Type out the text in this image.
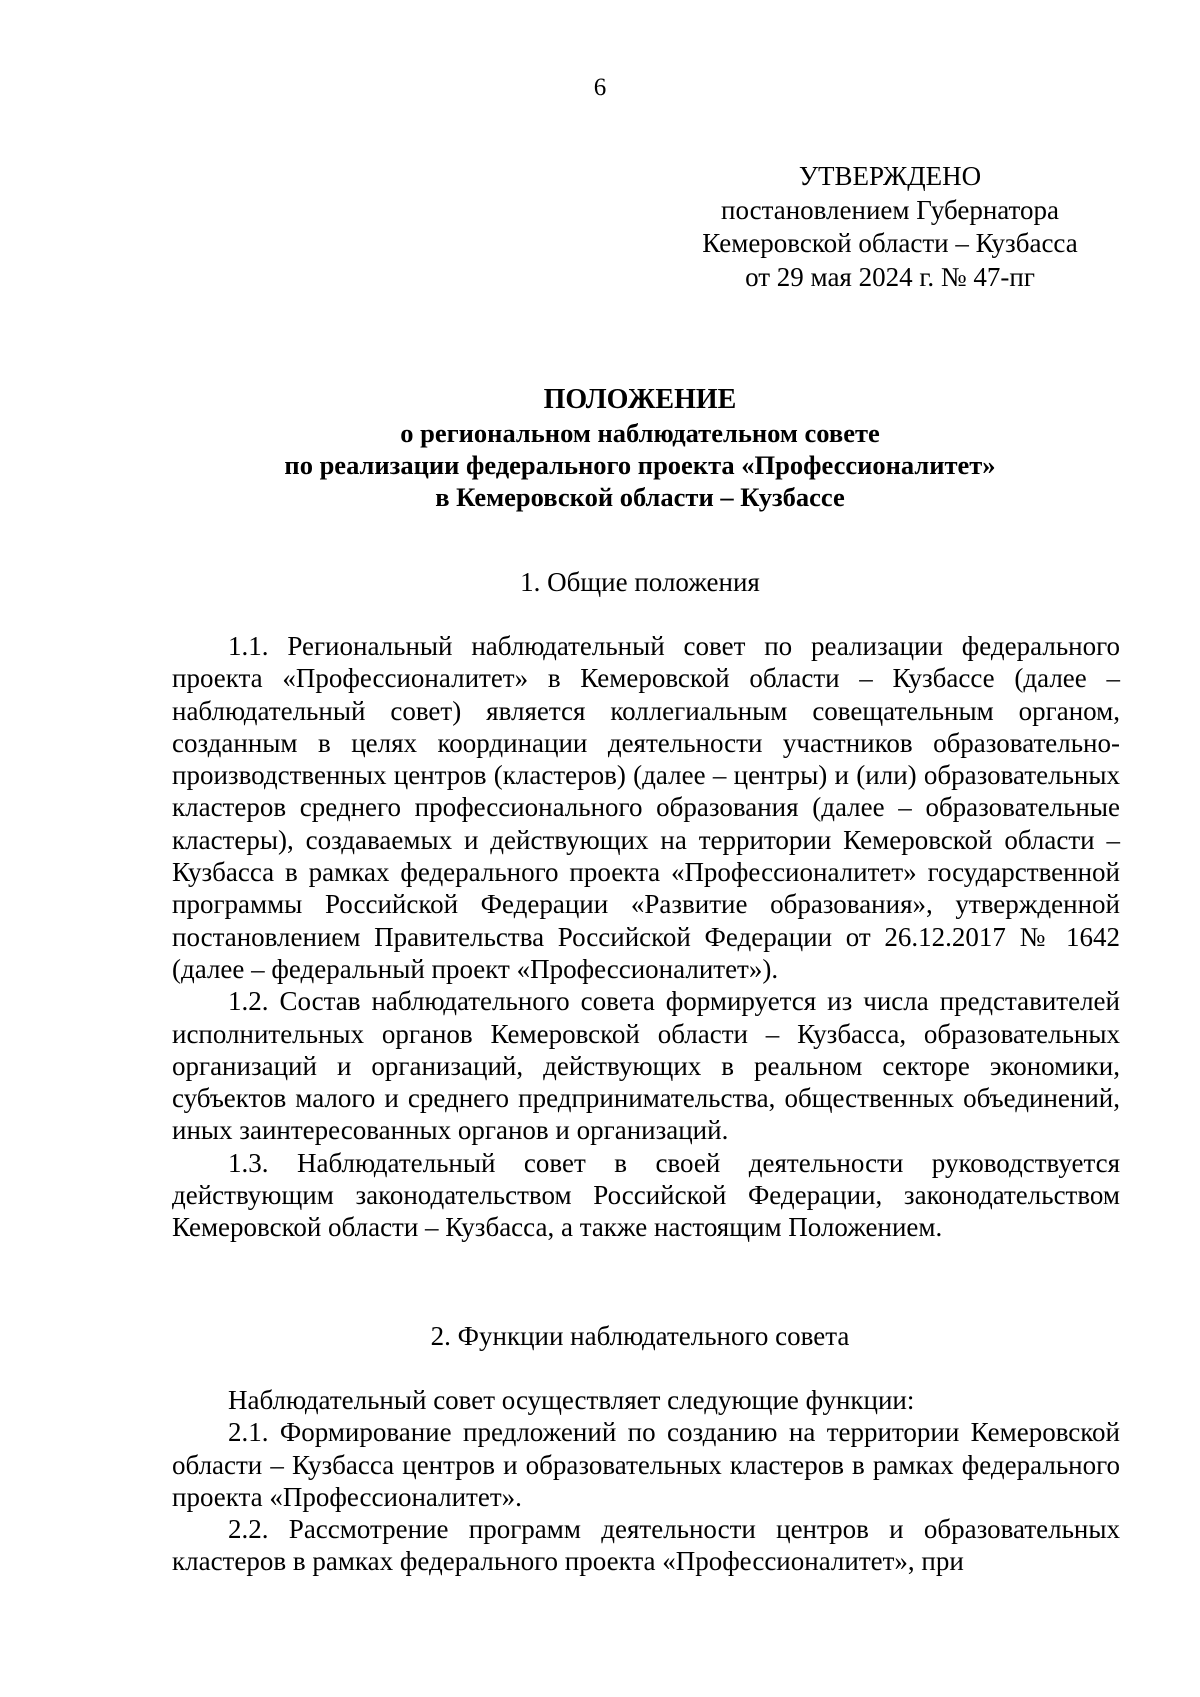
6
УТВЕРЖДЕНО
постановлением Губернатора
Кемеровской области – Кузбасса
от 29 мая 2024 г. № 47-пг
ПОЛОЖЕНИЕ
о региональном наблюдательном совете
по реализации федерального проекта «Профессионалитет»
в Кемеровской области – Кузбассе
1. Общие положения

1.1. Региональный наблюдательный совет по реализации федерального проекта «Профессионалитет» в Кемеровской области – Кузбассе (далее – наблюдательный совет) является коллегиальным совещательным органом, созданным в целях координации деятельности участников образовательно-производственных центров (кластеров) (далее – центры) и (или) образовательных кластеров среднего профессионального образования (далее – образовательные кластеры), создаваемых и действующих на территории Кемеровской области – Кузбасса в рамках федерального проекта «Профессионалитет» государственной программы Российской Федерации «Развитие образования», утвержденной постановлением Правительства Российской Федерации от 26.12.2017 № 1642 (далее – федеральный проект «Профессионалитет»).

1.2. Состав наблюдательного совета формируется из числа представителей исполнительных органов Кемеровской области – Кузбасса, образовательных организаций и организаций, действующих в реальном секторе экономики, субъектов малого и среднего предпринимательства, общественных объединений, иных заинтересованных органов и организаций.

1.3. Наблюдательный совет в своей деятельности руководствуется действующим законодательством Российской Федерации, законодательством Кемеровской области – Кузбасса, а также настоящим Положением.

2. Функции наблюдательного совета

Наблюдательный совет осуществляет следующие функции:

2.1. Формирование предложений по созданию на территории Кемеровской области – Кузбасса центров и образовательных кластеров в рамках федерального проекта «Профессионалитет».

2.2. Рассмотрение программ деятельности центров и образовательных кластеров в рамках федерального проекта «Профессионалитет», при
